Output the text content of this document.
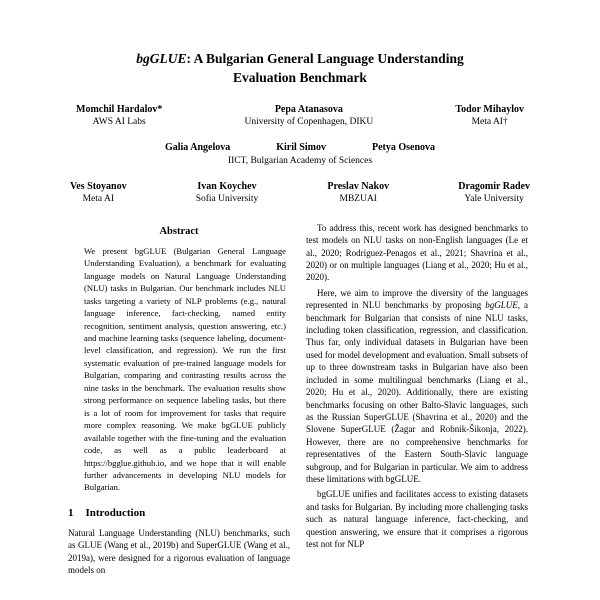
bgGLUE: A Bulgarian General Language Understanding Evaluation Benchmark
Momchil Hardalov*
AWS AI Labs
Pepa Atanasova
University of Copenhagen, DIKU
Todor Mihaylov
Meta AI†
Galia Angelova	Kiril Simov	Petya Osenova
IICT, Bulgarian Academy of Sciences
Ves Stoyanov
Meta AI
Ivan Koychev
Sofia University
Preslav Nakov
MBZUAI
Dragomir Radev
Yale University
Abstract

We present bgGLUE (Bulgarian General Language Understanding Evaluation), a benchmark for evaluating language models on Natural Language Understanding (NLU) tasks in Bulgarian. Our benchmark includes NLU tasks targeting a variety of NLP problems (e.g., natural language inference, fact-checking, named entity recognition, sentiment analysis, question answering, etc.) and machine learning tasks (sequence labeling, document-level classification, and regression). We run the first systematic evaluation of pre-trained language models for Bulgarian, comparing and contrasting results across the nine tasks in the benchmark. The evaluation results show strong performance on sequence labeling tasks, but there is a lot of room for improvement for tasks that require more complex reasoning. We make bgGLUE publicly available together with the fine-tuning and the evaluation code, as well as a public leaderboard at https://bgglue.github.io, and we hope that it will enable further advancements in developing NLU models for Bulgarian.

1 Introduction

Natural Language Understanding (NLU) benchmarks, such as GLUE (Wang et al., 2019b) and SuperGLUE (Wang et al., 2019a), were designed for a rigorous evaluation of language models on

To address this, recent work has designed benchmarks to test models on NLU tasks on non-English languages (Le et al., 2020; Rodriguez-Penagos et al., 2021; Shavrina et al., 2020) or on multiple languages (Liang et al., 2020; Hu et al., 2020).

Here, we aim to improve the diversity of the languages represented in NLU benchmarks by proposing bgGLUE, a benchmark for Bulgarian that consists of nine NLU tasks, including token classification, regression, and classification. Thus far, only individual datasets in Bulgarian have been used for model development and evaluation. Small subsets of up to three downstream tasks in Bulgarian have also been included in some multilingual benchmarks (Liang et al., 2020; Hu et al., 2020). Additionally, there are existing benchmarks focusing on other Balto-Slavic languages, such as the Russian SuperGLUE (Shavrina et al., 2020) and the Slovene SuperGLUE (Žagar and Robnik-Šikonja, 2022). However, there are no comprehensive benchmarks for representatives of the Eastern South-Slavic language subgroup, and for Bulgarian in particular. We aim to address these limitations with bgGLUE.

bgGLUE unifies and facilitates access to existing datasets and tasks for Bulgarian. By including more challenging tasks such as natural language inference, fact-checking, and question answering, we ensure that it comprises a rigorous test not for NLP
